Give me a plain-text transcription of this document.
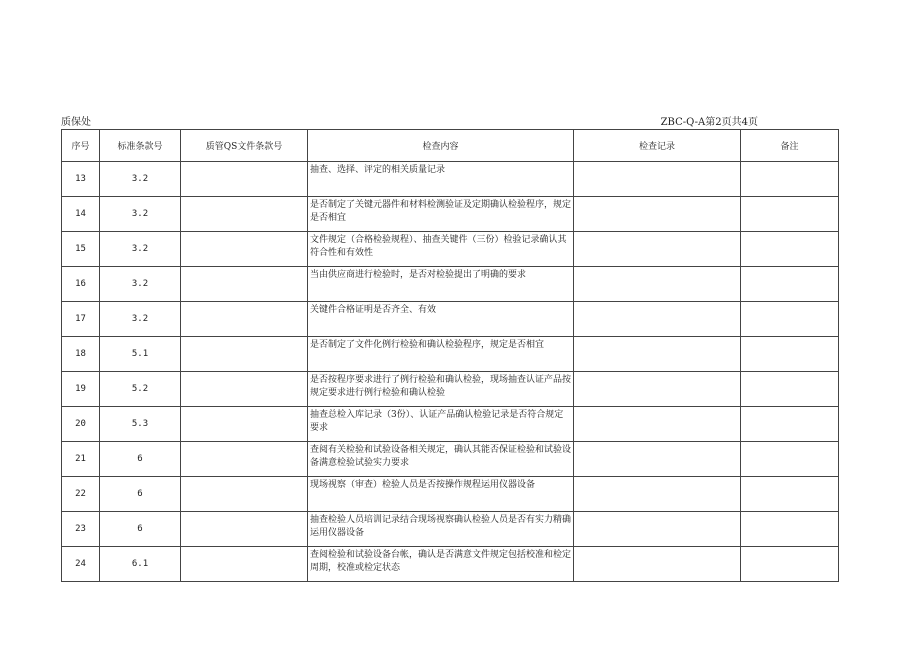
质保处	ZBC-Q-A第2页共4页
序号	标准条款号	质管QS文件条款号	检查内容	检查记录	备注
13	3.2		抽查、选择、评定的相关质量记录		
14	3.2		是否制定了关键元器件和材料检测验证及定期确认检验程序，规定是否相宜		
15	3.2		文件规定（合格检验规程）、抽查关键件（三份）检验记录确认其符合性和有效性		
16	3.2		当由供应商进行检验时，是否对检验提出了明确的要求		
17	3.2		关键件合格证明是否齐全、有效		
18	5.1		是否制定了文件化例行检验和确认检验程序，规定是否相宜		
19	5.2		是否按程序要求进行了例行检验和确认检验，现场抽查认证产品按规定要求进行例行检验和确认检验		
20	5.3		抽查总检入库记录（3份）、认证产品确认检验记录是否符合规定要求		
21	6		查阅有关检验和试验设备相关规定，确认其能否保证检验和试验设备满意检验试验实力要求		
22	6		现场视察（审查）检验人员是否按操作规程运用仪器设备		
23	6		抽查检验人员培训记录结合现场视察确认检验人员是否有实力精确运用仪器设备		
24	6.1		查阅检验和试验设备台帐，确认是否满意文件规定包括校准和检定周期，校准或检定状态		
